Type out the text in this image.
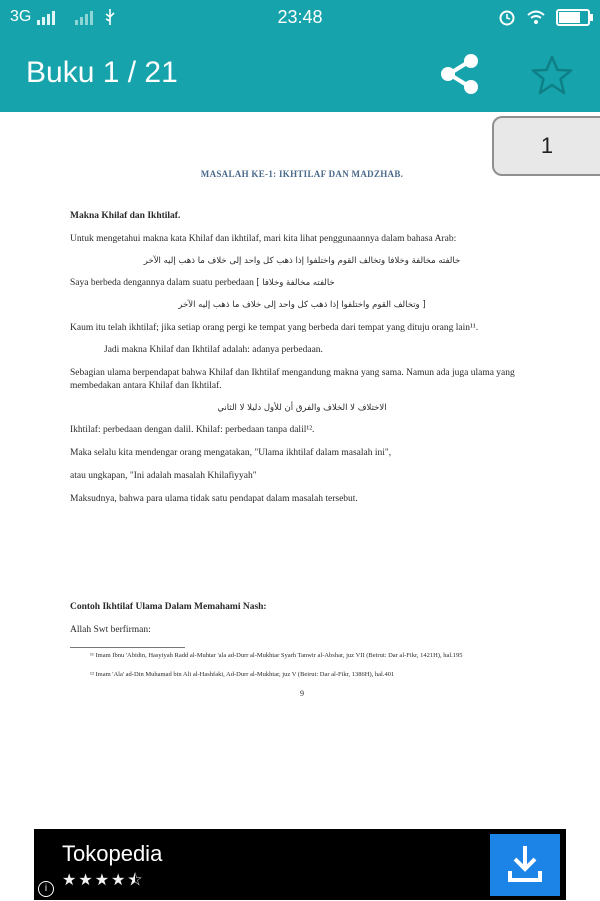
3G	23:48
Buku 1 / 21
1
MASALAH KE-1: IKHTILAF DAN MADZHAB.
Makna Khilaf dan Ikhtilaf.

Untuk mengetahui makna kata Khilaf dan ikhtilaf, mari kita lihat penggunaannya dalam bahasa Arab:

خالفته مخالفة وخلافا وتخالف القوم واختلفوا إذا ذهب كل واحد إلى خلاف ما ذهب إليه الآخر

Saya berbeda dengannya dalam suatu perbedaan [ خالفته مخالفة وخلافا

[ وتخالف القوم واختلفوا إذا ذهب كل واحد إلى خلاف ما ذهب إليه الآخر

Kaum itu telah ikhtilaf; jika setiap orang pergi ke tempat yang berbeda dari tempat yang dituju orang lain¹¹.

Jadi makna Khilaf dan Ikhtilaf adalah: adanya perbedaan.

Sebagian ulama berpendapat bahwa Khilaf dan Ikhtilaf mengandung makna yang sama. Namun ada juga ulama yang membedakan antara Khilaf dan Ikhtilaf.

الاختلاف لا الخلاف والفرق أن للأول دليلا لا الثاني

Ikhtilaf: perbedaan dengan dalil. Khilaf: perbedaan tanpa dalil¹².

Maka selalu kita mendengar orang mengatakan, "Ulama ikhtilaf dalam masalah ini",

atau ungkapan, "Ini adalah masalah Khilafiyyah"

Maksudnya, bahwa para ulama tidak satu pendapat dalam masalah tersebut.

Contoh Ikhtilaf Ulama Dalam Memahami Nash:

Allah Swt berfirman:

¹¹ Imam Ibnu 'Abidin, Hasyiyah Radd al-Muhtar 'ala ad-Durr al-Mukhtar Syarh Tanwir al-Abshar, juz VII (Beirut: Dar al-Fikr, 1421H), hal.195

¹² Imam 'Ala' ad-Din Muhamad bin Ali al-Hashfaki, Ad-Durr al-Mukhtar, juz V (Beirut: Dar al-Fikr, 1386H), hal.401

9
Tokopedia
★★★★⯪
i
